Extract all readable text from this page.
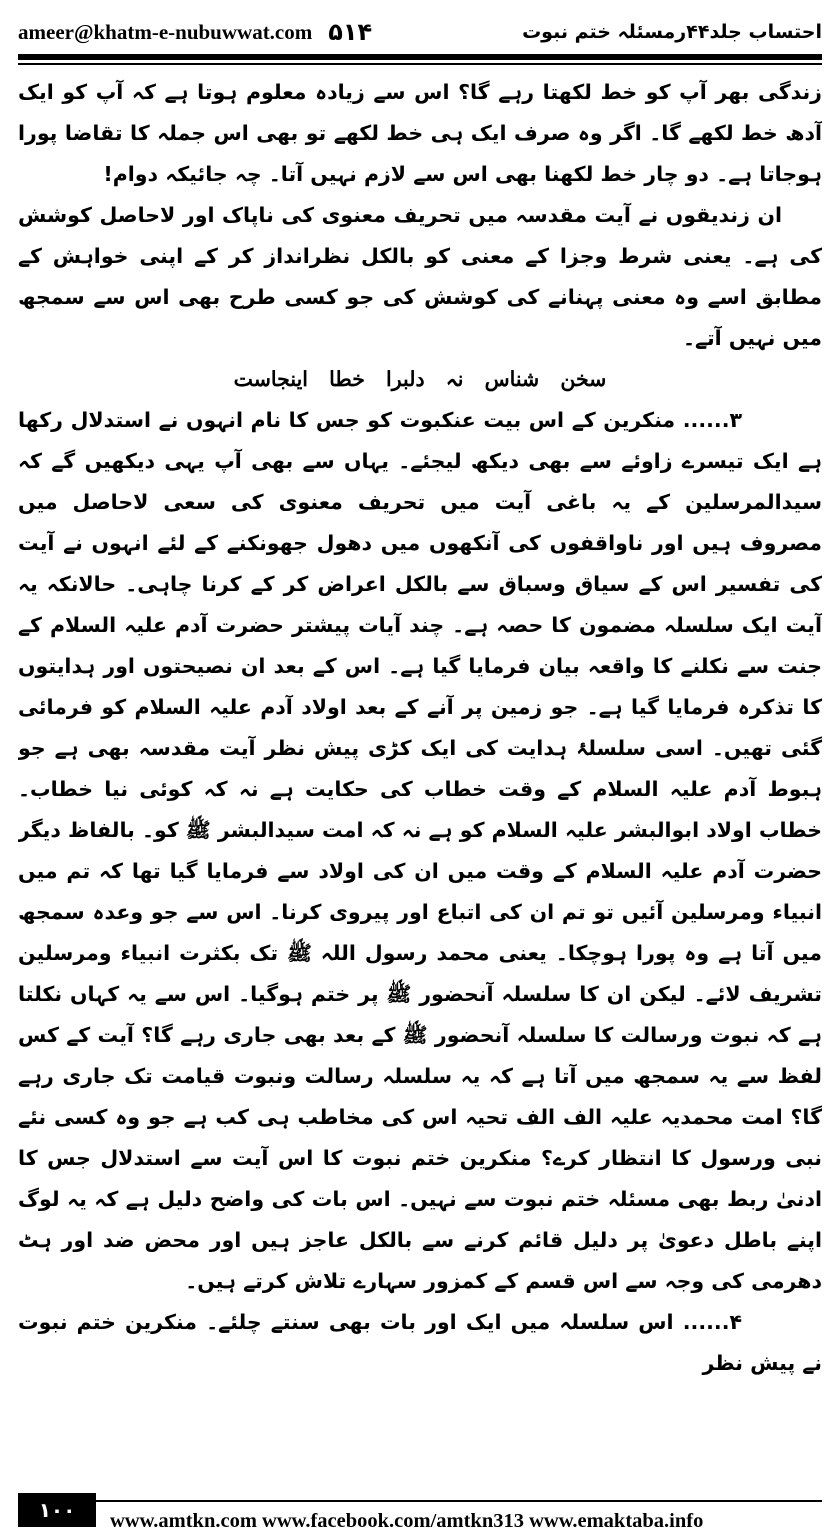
ameer@khatm-e-nubuwwat.com ۵۱۴	احتساب جلد۴۴رمسئلہ ختم نبوت

زندگی بھر آپ کو خط لکھتا رہے گا؟ اس سے زیادہ معلوم ہوتا ہے کہ آپ کو ایک آدھ خط لکھے گا۔ اگر وہ صرف ایک ہی خط لکھے تو بھی اس جملہ کا تقاضا پورا ہوجاتا ہے۔ دو چار خط لکھنا بھی اس سے لازم نہیں آتا۔ چہ جائیکہ دوام!

ان زندیقوں نے آیت مقدسہ میں تحریف معنوی کی ناپاک اور لاحاصل کوشش کی ہے۔ یعنی شرط وجزا کے معنی کو بالکل نظرانداز کر کے اپنی خواہش کے مطابق اسے وہ معنی پہنانے کی کوشش کی جو کسی طرح بھی اس سے سمجھ میں نہیں آتے۔

سخن شناس نہ دلبرا خطا اینجاست

۳...... منکرین کے اس بیت عنکبوت کو جس کا نام انہوں نے استدلال رکھا ہے ایک تیسرے زاوئے سے بھی دیکھ لیجئے۔ یہاں سے بھی آپ یہی دیکھیں گے کہ سیدالمرسلین کے یہ باغی آیت میں تحریف معنوی کی سعی لاحاصل میں مصروف ہیں اور ناواقفوں کی آنکھوں میں دھول جھونکنے کے لئے انہوں نے آیت کی تفسیر اس کے سیاق وسباق سے بالکل اعراض کر کے کرنا چاہی۔ حالانکہ یہ آیت ایک سلسلہ مضمون کا حصہ ہے۔ چند آیات پیشتر حضرت آدم علیہ السلام کے جنت سے نکلنے کا واقعہ بیان فرمایا گیا ہے۔ اس کے بعد ان نصیحتوں اور ہدایتوں کا تذکرہ فرمایا گیا ہے۔ جو زمین پر آنے کے بعد اولاد آدم علیہ السلام کو فرمائی گئی تھیں۔ اسی سلسلۂ ہدایت کی ایک کڑی پیش نظر آیت مقدسہ بھی ہے جو ہبوط آدم علیہ السلام کے وقت خطاب کی حکایت ہے نہ کہ کوئی نیا خطاب۔ خطاب اولاد ابوالبشر علیہ السلام کو ہے نہ کہ امت سیدالبشر ﷺ کو۔ بالفاظ دیگر حضرت آدم علیہ السلام کے وقت میں ان کی اولاد سے فرمایا گیا تھا کہ تم میں انبیاء ومرسلین آئیں تو تم ان کی اتباع اور پیروی کرنا۔ اس سے جو وعدہ سمجھ میں آتا ہے وہ پورا ہوچکا۔ یعنی محمد رسول اللہ ﷺ تک بکثرت انبیاء ومرسلین تشریف لائے۔ لیکن ان کا سلسلہ آنحضور ﷺ پر ختم ہوگیا۔ اس سے یہ کہاں نکلتا ہے کہ نبوت ورسالت کا سلسلہ آنحضور ﷺ کے بعد بھی جاری رہے گا؟ آیت کے کس لفظ سے یہ سمجھ میں آتا ہے کہ یہ سلسلہ رسالت ونبوت قیامت تک جاری رہے گا؟ امت محمدیہ علیہ الف الف تحیہ اس کی مخاطب ہی کب ہے جو وہ کسی نئے نبی ورسول کا انتظار کرے؟ منکرین ختم نبوت کا اس آیت سے استدلال جس کا ادنیٰ ربط بھی مسئلہ ختم نبوت سے نہیں۔ اس بات کی واضح دلیل ہے کہ یہ لوگ اپنے باطل دعویٰ پر دلیل قائم کرنے سے بالکل عاجز ہیں اور محض ضد اور ہٹ دھرمی کی وجہ سے اس قسم کے کمزور سہارے تلاش کرتے ہیں۔

۴...... اس سلسلہ میں ایک اور بات بھی سنتے چلئے۔ منکرین ختم نبوت نے پیش نظر

۱۰۰	www.amtkn.com www.facebook.com/amtkn313 www.emaktaba.info
